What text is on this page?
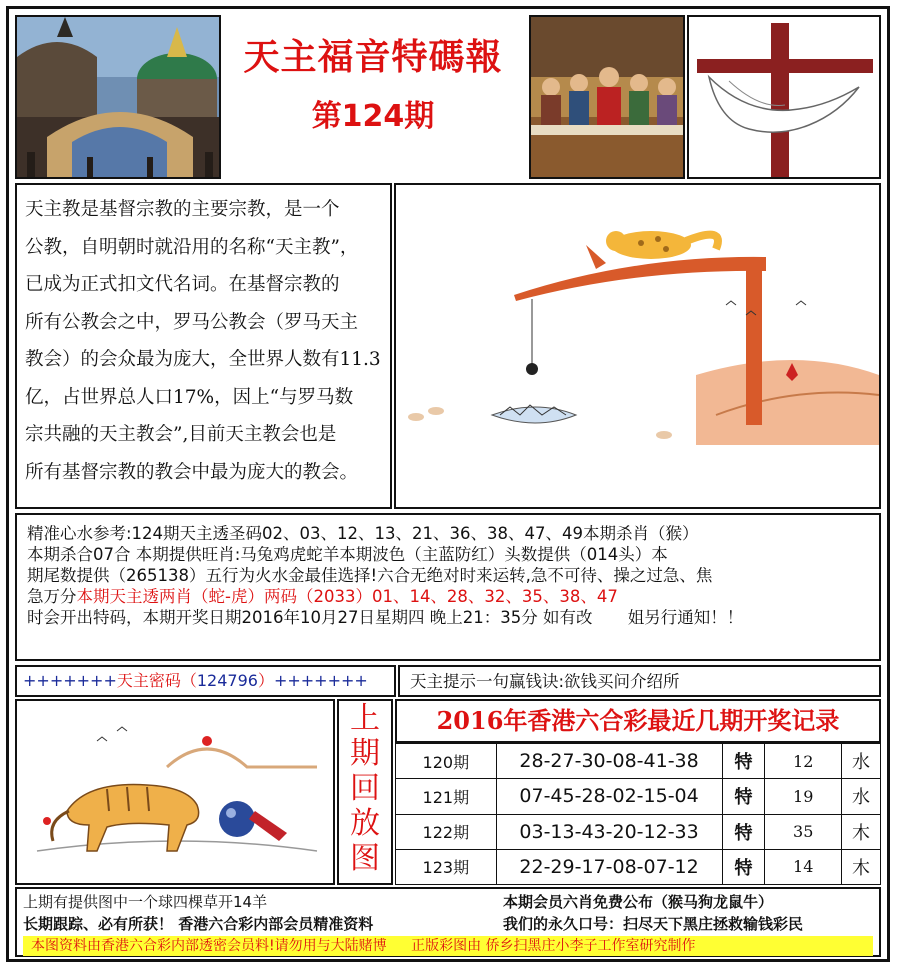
天主福音特碼報
第124期
天主教是基督宗教的主要宗教，是一个
公教，自明朝时就沿用的名称“天主教”，
已成为正式扣文代名词。在基督宗教的
所有公教会之中，罗马公教会（罗马天主
教会）的会众最为庞大，全世界人数有11.3
亿，占世界总人口17%，因上“与罗马数
宗共融的天主教会”,目前天主教会也是
所有基督宗教的教会中最为庞大的教会。
精准心水参考:124期天主透圣码02、03、12、13、21、36、38、47、49本期杀肖（猴）
本期杀合07合 本期提供旺肖:马兔鸡虎蛇羊本期波色（主蓝防红）头数提供（014头）本
期尾数提供（265138）五行为火水金最佳选择!六合无绝对时来运转,急不可待、操之过急、焦
急万分本期天主透两肖（蛇-虎）两码（2033）01、14、28、32、35、38、47
时会开出特码，本期开奖日期2016年10月27日星期四 晚上21：35分 如有改 姐另行通知！！
+++++++天主密码（124796）+++++++	天主提示一句赢钱诀:欲钱买问介绍所
上
期
回
放
图
2016年香港六合彩最近几期开奖记录
120期	28-27-30-08-41-38	特	12	水
121期	07-45-28-02-15-04	特	19	水
122期	03-13-43-20-12-33	特	35	木
123期	22-29-17-08-07-12	特	14	木
上期有提供图中一个球四棵草开14羊	本期会员六肖免费公布（猴马狗龙鼠牛）
长期跟踪、必有所获！ 香港六合彩内部会员精准资料	我们的永久口号：扫尽天下黑庄拯救输钱彩民
本图资料由香港六合彩内部透密会员料!请勿用与大陆赌博 正版彩图由 侨乡扫黑庄小李子工作室研究制作
